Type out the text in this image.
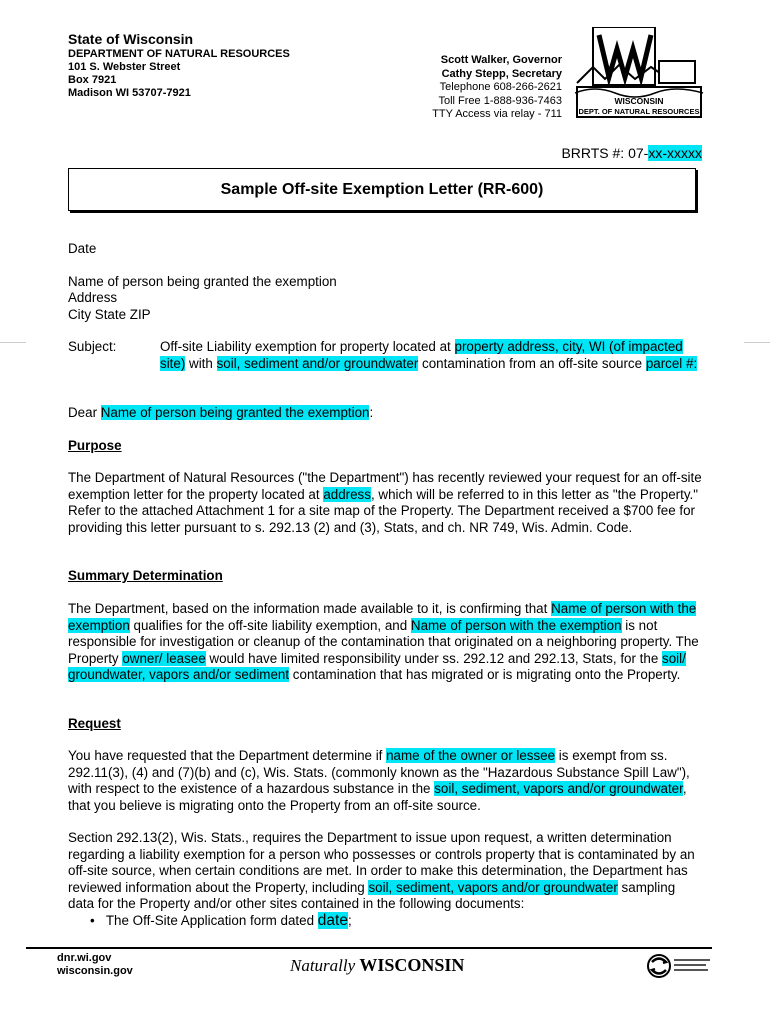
State of Wisconsin
DEPARTMENT OF NATURAL RESOURCES
101 S. Webster Street
Box 7921
Madison WI 53707-7921
Scott Walker, Governor
Cathy Stepp, Secretary
Telephone 608-266-2621
Toll Free 1-888-936-7463
TTY Access via relay - 711
WISCONSIN
DEPT. OF NATURAL RESOURCES
BRRTS #: 07-xx-xxxxx
Sample Off-site Exemption Letter (RR-600)
Date
Name of person being granted the exemption
Address
City State ZIP
Subject:	Off-site Liability exemption for property located at property address, city, WI (of impacted site) with soil, sediment and/or groundwater contamination from an off-site source parcel #:
Dear Name of person being granted the exemption:
Purpose
The Department of Natural Resources ("the Department") has recently reviewed your request for an off-site exemption letter for the property located at address, which will be referred to in this letter as "the Property." Refer to the attached Attachment 1 for a site map of the Property. The Department received a $700 fee for providing this letter pursuant to s. 292.13 (2) and (3), Stats, and ch. NR 749, Wis. Admin. Code.
Summary Determination
The Department, based on the information made available to it, is confirming that Name of person with the exemption qualifies for the off-site liability exemption, and Name of person with the exemption is not responsible for investigation or cleanup of the contamination that originated on a neighboring property. The Property owner/ leasee would have limited responsibility under ss. 292.12 and 292.13, Stats, for the soil/ groundwater, vapors and/or sediment contamination that has migrated or is migrating onto the Property.
Request
You have requested that the Department determine if name of the owner or lessee is exempt from ss. 292.11(3), (4) and (7)(b) and (c), Wis. Stats. (commonly known as the "Hazardous Substance Spill Law"), with respect to the existence of a hazardous substance in the soil, sediment, vapors and/or groundwater, that you believe is migrating onto the Property from an off-site source.
Section 292.13(2), Wis. Stats., requires the Department to issue upon request, a written determination regarding a liability exemption for a person who possesses or controls property that is contaminated by an off-site source, when certain conditions are met. In order to make this determination, the Department has reviewed information about the Property, including soil, sediment, vapors and/or groundwater sampling data for the Property and/or other sites contained in the following documents:
• The Off-Site Application form dated date;
dnr.wi.gov
wisconsin.gov	Naturally WISCONSIN
